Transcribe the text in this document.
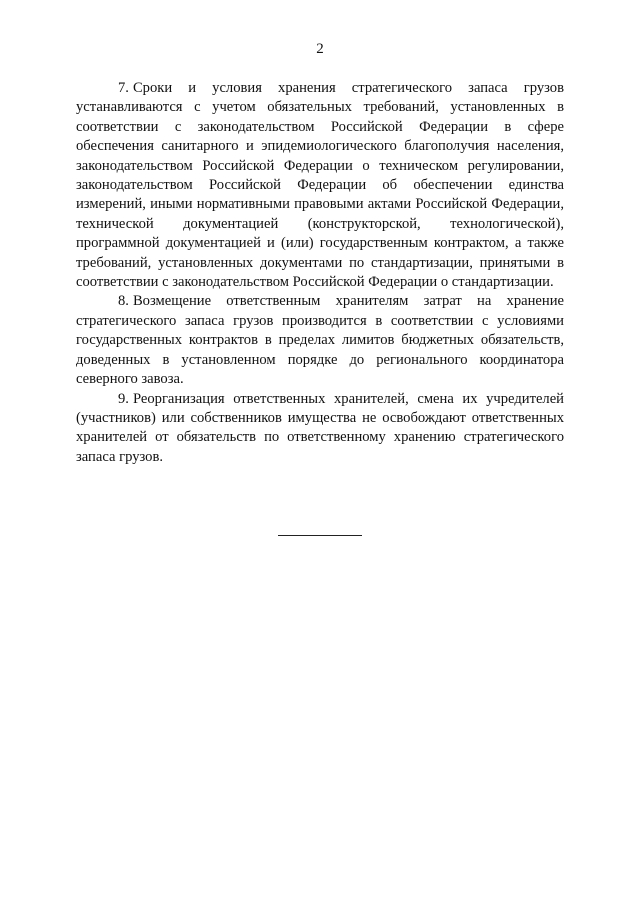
2

7. Сроки и условия хранения стратегического запаса грузов устанавливаются с учетом обязательных требований, установленных в соответствии с законодательством Российской Федерации в сфере обеспечения санитарного и эпидемиологического благополучия населения, законодательством Российской Федерации о техническом регулировании, законодательством Российской Федерации об обеспечении единства измерений, иными нормативными правовыми актами Российской Федерации, технической документацией (конструкторской, технологической), программной документацией и (или) государственным контрактом, а также требований, установленных документами по стандартизации, принятыми в соответствии с законодательством Российской Федерации о стандартизации.

8. Возмещение ответственным хранителям затрат на хранение стратегического запаса грузов производится в соответствии с условиями государственных контрактов в пределах лимитов бюджетных обязательств, доведенных в установленном порядке до регионального координатора северного завоза.

9. Реорганизация ответственных хранителей, смена их учредителей (участников) или собственников имущества не освобождают ответственных хранителей от обязательств по ответственному хранению стратегического запаса грузов.
